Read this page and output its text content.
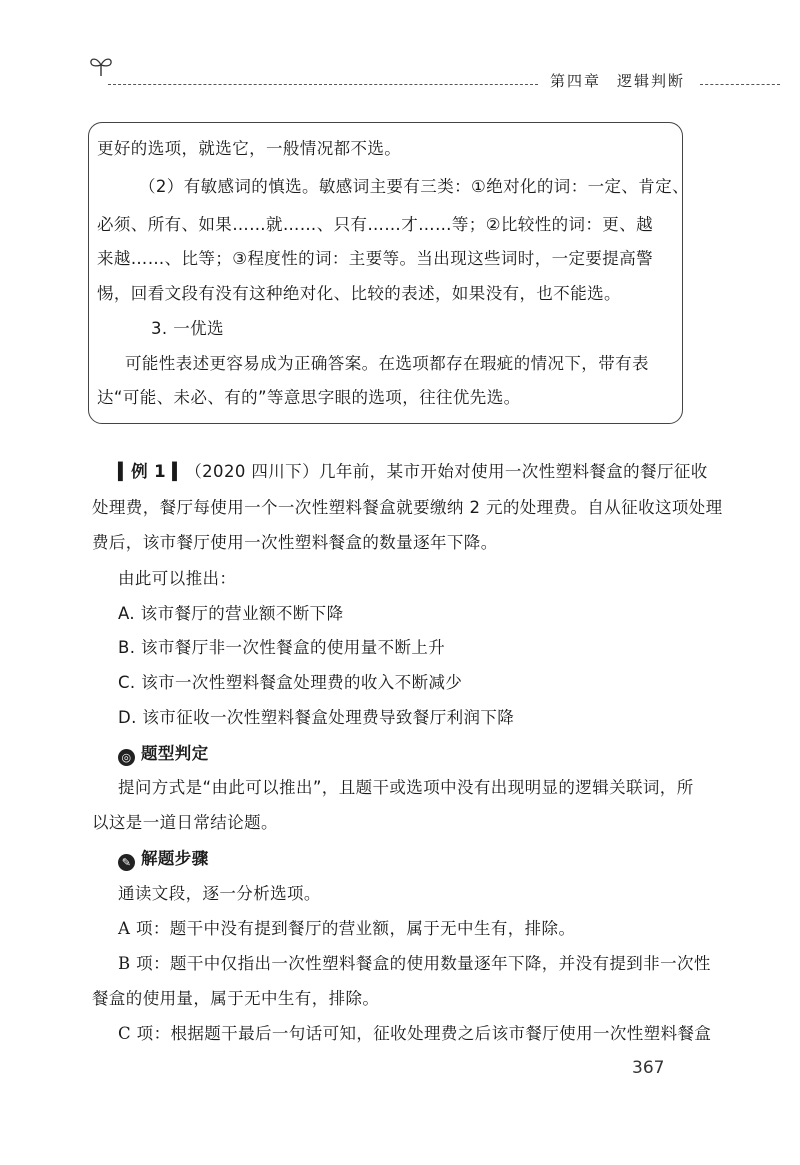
第四章 逻辑判断

更好的选项，就选它，一般情况都不选。

（2）有敏感词的慎选。敏感词主要有三类：①绝对化的词：一定、肯定、

必须、所有、如果……就……、只有……才……等；②比较性的词：更、越

来越……、比等；③程度性的词：主要等。当出现这些词时，一定要提高警

惕，回看文段有没有这种绝对化、比较的表述，如果没有，也不能选。

3. 一优选

可能性表述更容易成为正确答案。在选项都存在瑕疵的情况下，带有表

达“可能、未必、有的”等意思字眼的选项，往往优先选。

▍例 1 ▍（2020 四川下）几年前，某市开始对使用一次性塑料餐盒的餐厅征收

处理费，餐厅每使用一个一次性塑料餐盒就要缴纳 2 元的处理费。自从征收这项处理

费后，该市餐厅使用一次性塑料餐盒的数量逐年下降。

由此可以推出：

A. 该市餐厅的营业额不断下降

B. 该市餐厅非一次性餐盒的使用量不断上升

C. 该市一次性塑料餐盒处理费的收入不断减少

D. 该市征收一次性塑料餐盒处理费导致餐厅利润下降

◎ 题型判定

提问方式是“由此可以推出”，且题干或选项中没有出现明显的逻辑关联词，所

以这是一道日常结论题。

✎ 解题步骤

通读文段，逐一分析选项。

A 项：题干中没有提到餐厅的营业额，属于无中生有，排除。

B 项：题干中仅指出一次性塑料餐盒的使用数量逐年下降，并没有提到非一次性

餐盒的使用量，属于无中生有，排除。

C 项：根据题干最后一句话可知，征收处理费之后该市餐厅使用一次性塑料餐盒

367
